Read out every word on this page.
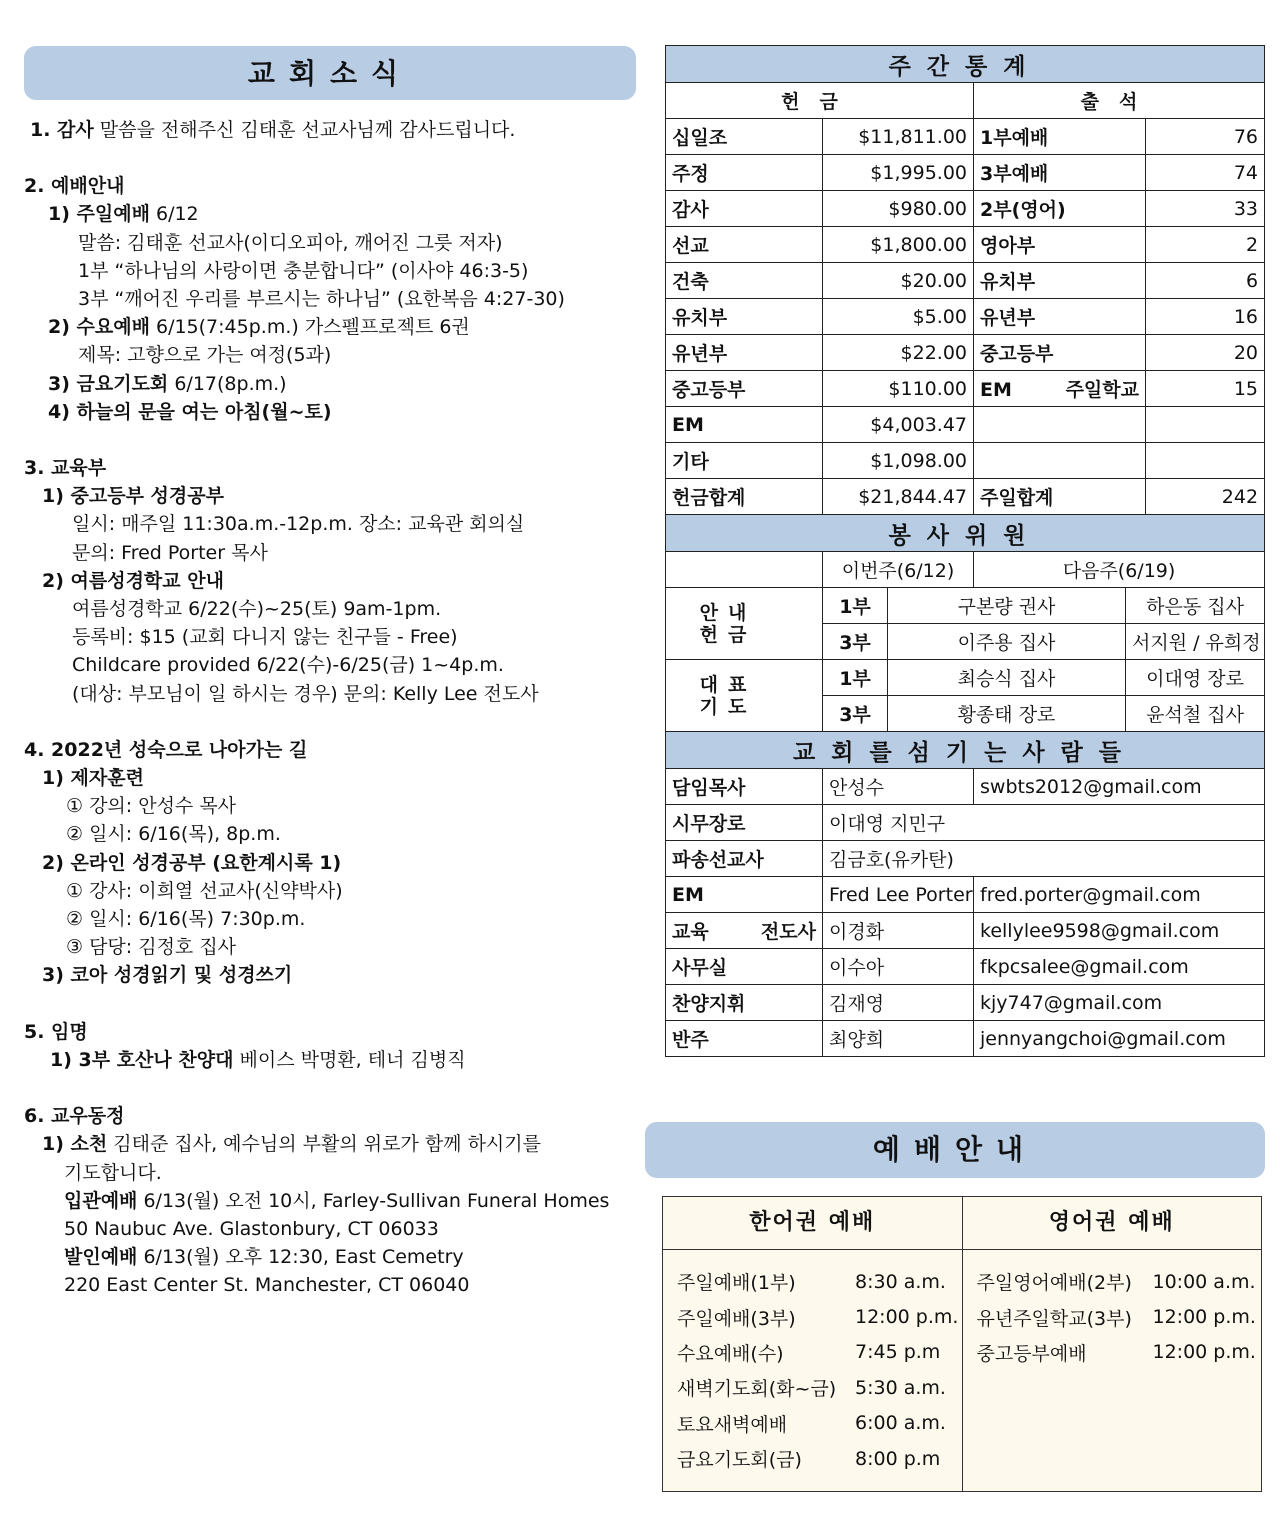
교회소식
1. 감사 말씀을 전해주신 김태훈 선교사님께 감사드립니다.
2. 예배안내
1) 주일예배 6/12
말씀: 김태훈 선교사(이디오피아, 깨어진 그릇 저자)
1부 “하나님의 사랑이면 충분합니다” (이사야 46:3-5)
3부 “깨어진 우리를 부르시는 하나님” (요한복음 4:27-30)
2) 수요예배 6/15(7:45p.m.) 가스펠프로젝트 6권
제목: 고향으로 가는 여정(5과)
3) 금요기도회 6/17(8p.m.)
4) 하늘의 문을 여는 아침(월~토)
3. 교육부
1) 중고등부 성경공부
일시: 매주일 11:30a.m.-12p.m. 장소: 교육관 회의실
문의: Fred Porter 목사
2) 여름성경학교 안내
여름성경학교 6/22(수)~25(토) 9am-1pm.
등록비: $15 (교회 다니지 않는 친구들 - Free)
Childcare provided 6/22(수)-6/25(금) 1~4p.m.
(대상: 부모님이 일 하시는 경우) 문의: Kelly Lee 전도사
4. 2022년 성숙으로 나아가는 길
1) 제자훈련
① 강의: 안성수 목사
② 일시: 6/16(목), 8p.m.
2) 온라인 성경공부 (요한계시록 1)
① 강사: 이희열 선교사(신약박사)
② 일시: 6/16(목) 7:30p.m.
③ 담당: 김정호 집사
3) 코아 성경읽기 및 성경쓰기
5. 임명
1) 3부 호산나 찬양대 베이스 박명환, 테너 김병직
6. 교우동정
1) 소천 김태준 집사, 예수님의 부활의 위로가 함께 하시기를
기도합니다.
입관예배 6/13(월) 오전 10시, Farley-Sullivan Funeral Homes
50 Naubuc Ave. Glastonbury, CT 06033
발인예배 6/13(월) 오후 12:30, East Cemetry
220 East Center St. Manchester, CT 06040
주간통계					
헌금			출석		
십일조	$11,811.00		1부예배		76
주정	$1,995.00		3부예배		74
감사	$980.00		2부(영어)		33
선교	$1,800.00		영아부		2
건축	$20.00		유치부		6
유치부	$5.00		유년부		16
유년부	$22.00		중고등부		20
중고등부	$110.00		EM 주일학교		15
EM	$4,003.47				
기타	$1,098.00				
헌금합계	$21,844.47		주일합계		242
봉사위원					
	이번주(6/12)		다음주(6/19)		
안내
헌금	1부	구본량 권사		하은동 집사	
	3부	이주용 집사		서지원 / 유희정	
대표
기도	1부	최승식 집사		이대영 장로	
	3부	황종태 장로		윤석철 집사	
교회를섬기는사람들					
담임목사	안성수		swbts2012@gmail.com		
시무장로	이대영 지민구				
파송선교사	김금호(유카탄)				
EM	Fred Lee Porter		fred.porter@gmail.com		
교육 전도사	이경화		kellylee9598@gmail.com		
사무실	이수아		fkpcsalee@gmail.com		
찬양지휘	김재영		kjy747@gmail.com		
반주	최양희		jennyangchoi@gmail.com		
예배안내
한어권 예배
주일예배(1부)	8:30 a.m.
주일예배(3부)	12:00 p.m.
수요예배(수)	7:45 p.m
새벽기도회(화~금) 5:30 a.m.
토요새벽예배	6:00 a.m.
금요기도회(금)	8:00 p.m
영어권 예배
주일영어예배(2부)	10:00 a.m.
유년주일학교(3부)	12:00 p.m.
중고등부예배	12:00 p.m.
